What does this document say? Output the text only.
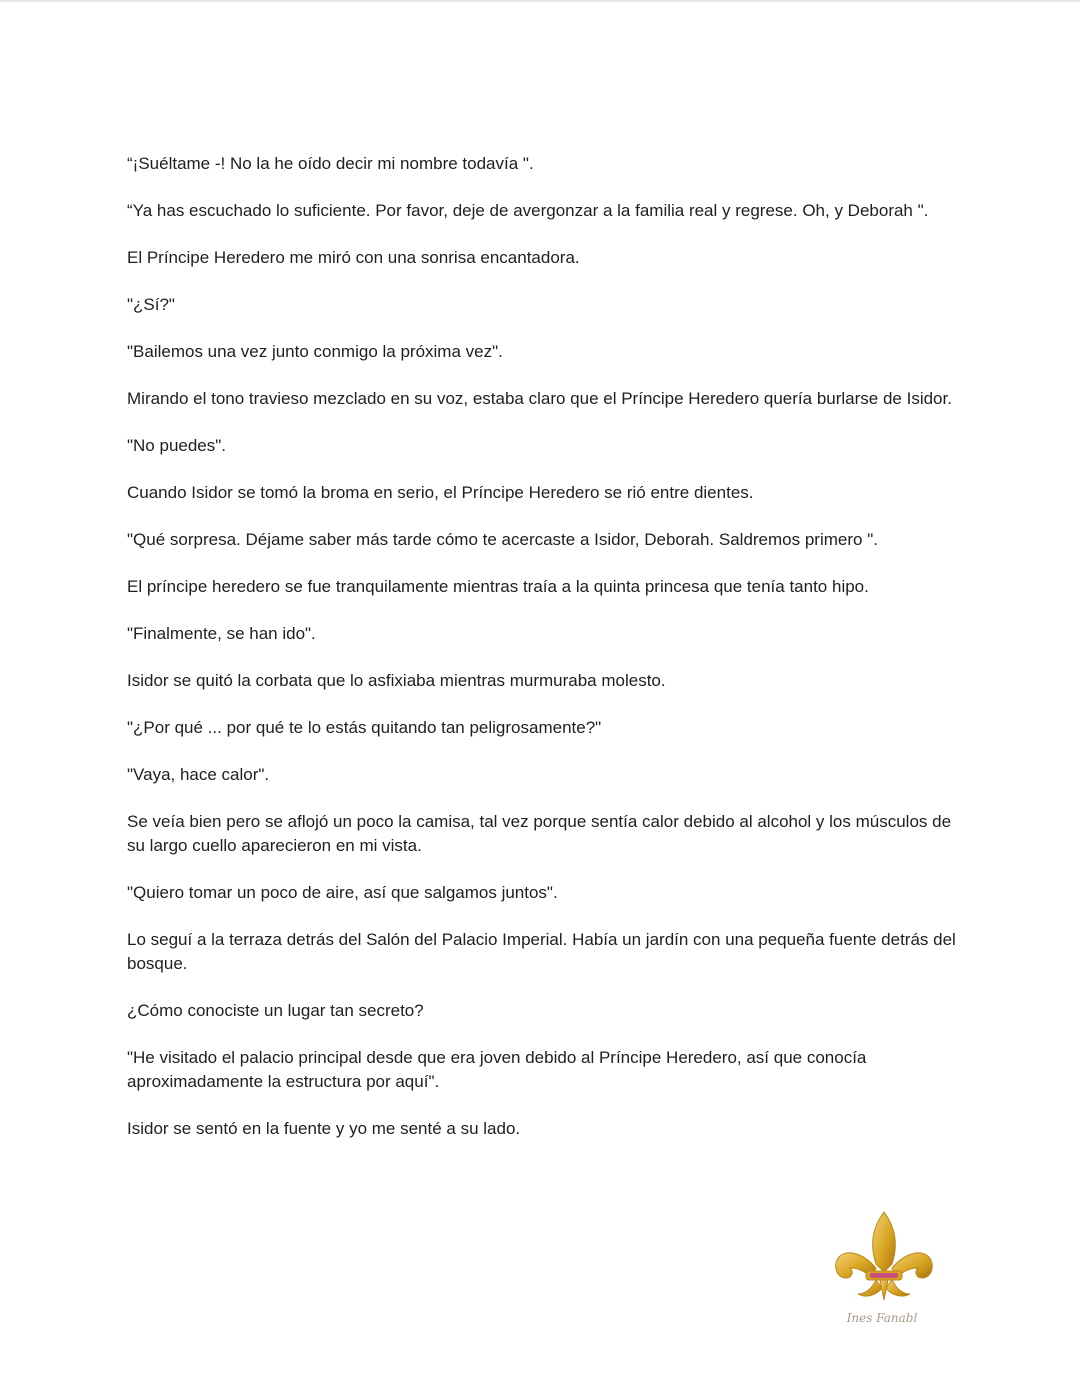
“¡Suéltame -! No la he oído decir mi nombre todavía ".

“Ya has escuchado lo suficiente. Por favor, deje de avergonzar a la familia real y regrese. Oh, y Deborah ".

El Príncipe Heredero me miró con una sonrisa encantadora.

"¿Sí?"

"Bailemos una vez junto conmigo la próxima vez".

Mirando el tono travieso mezclado en su voz, estaba claro que el Príncipe Heredero quería burlarse de Isidor.

"No puedes".

Cuando Isidor se tomó la broma en serio, el Príncipe Heredero se rió entre dientes.

"Qué sorpresa. Déjame saber más tarde cómo te acercaste a Isidor, Deborah. Saldremos primero ".

El príncipe heredero se fue tranquilamente mientras traía a la quinta princesa que tenía tanto hipo.

"Finalmente, se han ido".

Isidor se quitó la corbata que lo asfixiaba mientras murmuraba molesto.

"¿Por qué ... por qué te lo estás quitando tan peligrosamente?"

"Vaya, hace calor".

Se veía bien pero se aflojó un poco la camisa, tal vez porque sentía calor debido al alcohol y los músculos de su largo cuello aparecieron en mi vista.

"Quiero tomar un poco de aire, así que salgamos juntos".

Lo seguí a la terraza detrás del Salón del Palacio Imperial. Había un jardín con una pequeña fuente detrás del bosque.

¿Cómo conociste un lugar tan secreto?

"He visitado el palacio principal desde que era joven debido al Príncipe Heredero, así que conocía aproximadamente la estructura por aquí".

Isidor se sentó en la fuente y yo me senté a su lado.

Ines Fanabl
